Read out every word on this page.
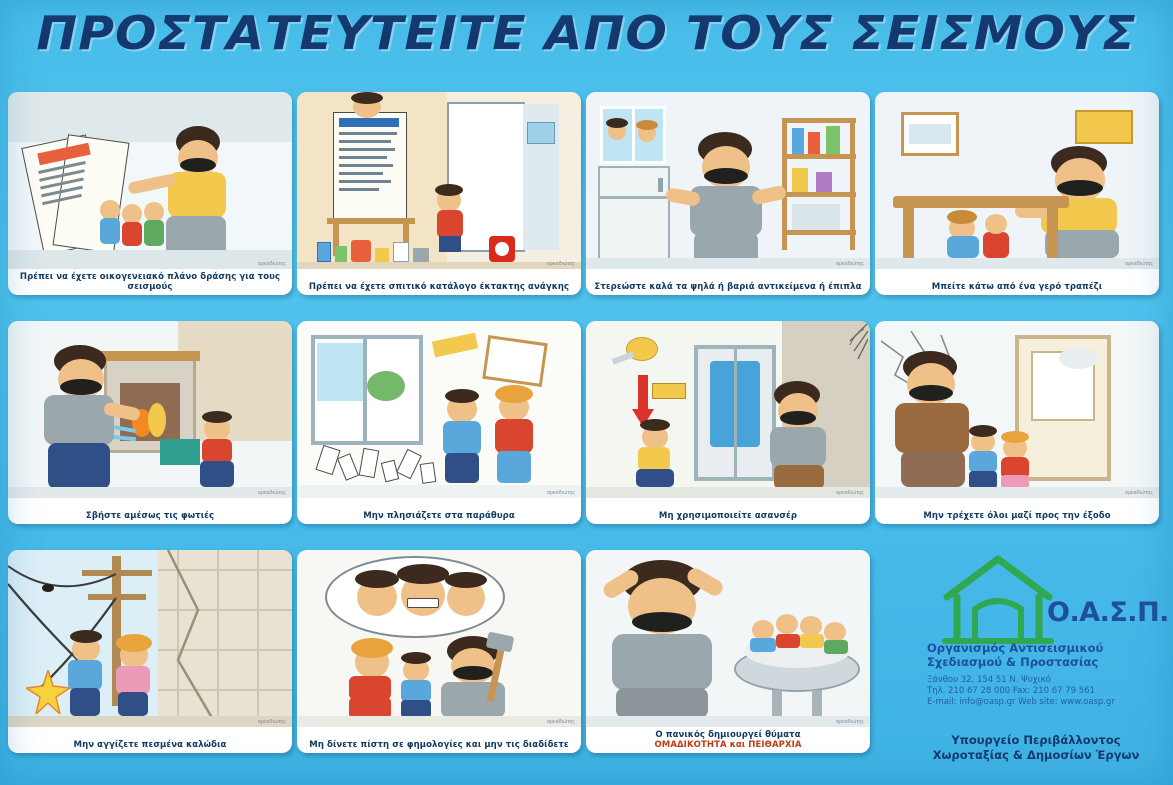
ΠΡΟΣΤΑΤΕΥΤΕΙΤΕ ΑΠΟ ΤΟΥΣ ΣΕΙΣΜΟΥΣ
αρκαδιώτης
Πρέπει να έχετε οικογενειακό πλάνο δράσης για τους σεισμούς
αρκαδιώτης
Πρέπει να έχετε σπιτικό κατάλογο έκτακτης ανάγκης
αρκαδιώτης
Στερεώστε καλά τα ψηλά ή βαριά αντικείμενα ή έπιπλα
αρκαδιώτης
Μπείτε κάτω από ένα γερό τραπέζι
αρκαδιώτης
Σβήστε αμέσως τις φωτιές
αρκαδιώτης
Μην πλησιάζετε στα παράθυρα
αρκαδιώτης
Μη χρησιμοποιείτε ασανσέρ
αρκαδιώτης
Μην τρέχετε όλοι μαζί προς την έξοδο
αρκαδιώτης
Μην αγγίζετε πεσμένα καλώδια
αρκαδιώτης
Μη δίνετε πίστη σε φημολογίες και μην τις διαδίδετε
αρκαδιώτης
Ο πανικός δημιουργεί θύματα
ΟΜΑΔΙΚΟΤΗΤΑ και ΠΕΙΘΑΡΧΙΑ
Ο.Α.Σ.Π.
Οργανισμός Αντισεισμικού
Σχεδιασμού & Προστασίας
Ξάνθου 32, 154 51 Ν. Ψυχικό
Τηλ. 210 67 28 000 Fax: 210 67 79 561
E-mail: info@oasp.gr Web site: www.oasp.gr
Υπουργείο Περιβάλλοντος
Χωροταξίας & Δημοσίων Έργων
